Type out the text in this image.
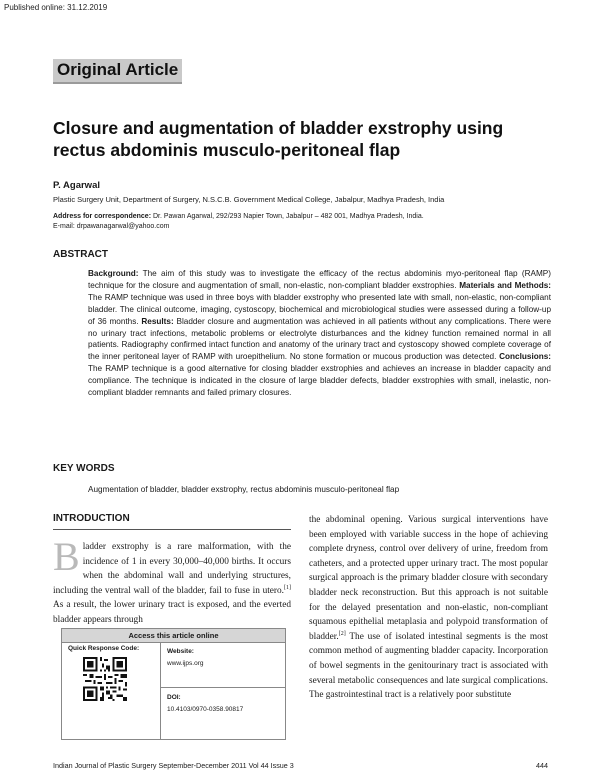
Published online: 31.12.2019
Original Article
Closure and augmentation of bladder exstrophy using rectus abdominis musculo-peritoneal flap
P. Agarwal
Plastic Surgery Unit, Department of Surgery, N.S.C.B. Government Medical College, Jabalpur, Madhya Pradesh, India
Address for correspondence: Dr. Pawan Agarwal, 292/293 Napier Town, Jabalpur – 482 001, Madhya Pradesh, India.
E-mail: drpawanagarwal@yahoo.com
ABSTRACT
Background: The aim of this study was to investigate the efficacy of the rectus abdominis myo-peritoneal flap (RAMP) technique for the closure and augmentation of small, non-elastic, non-compliant bladder exstrophies. Materials and Methods: The RAMP technique was used in three boys with bladder exstrophy who presented late with small, non-elastic, non-compliant bladder. The clinical outcome, imaging, cystoscopy, biochemical and microbiological studies were assessed during a follow-up of 36 months. Results: Bladder closure and augmentation was achieved in all patients without any complications. There were no urinary tract infections, metabolic problems or electrolyte disturbances and the kidney function remained normal in all patients. Radiography confirmed intact function and anatomy of the urinary tract and cystoscopy showed complete coverage of the inner peritoneal layer of RAMP with uroepithelium. No stone formation or mucous production was detected. Conclusions: The RAMP technique is a good alternative for closing bladder exstrophies and achieves an increase in bladder capacity and compliance. The technique is indicated in the closure of large bladder defects, bladder exstrophies with small, inelastic, non-compliant bladder remnants and failed primary closures.
KEY WORDS
Augmentation of bladder, bladder exstrophy, rectus abdominis musculo-peritoneal flap
INTRODUCTION
Bladder exstrophy is a rare malformation, with the incidence of 1 in every 30,000–40,000 births. It occurs when the abdominal wall and underlying structures, including the ventral wall of the bladder, fail to fuse in utero.[1] As a result, the lower urinary tract is exposed, and the everted bladder appears through
the abdominal opening. Various surgical interventions have been employed with variable success in the hope of achieving complete dryness, control over delivery of urine, freedom from catheters, and a protected upper urinary tract. The most popular surgical approach is the primary bladder closure with secondary bladder neck reconstruction. But this approach is not suitable for the delayed presentation and non-elastic, non-compliant squamous epithelial metaplasia and polypoid transformation of bladder.[2] The use of isolated intestinal segments is the most common method of augmenting bladder capacity. Incorporation of bowel segments in the genitourinary tract is associated with several metabolic consequences and late surgical complications. The gastrointestinal tract is a relatively poor substitute
Access this article online
Quick Response Code:	Website:
www.ijps.org
DOI:
10.4103/0970-0358.90817
Indian Journal of Plastic Surgery September-December 2011 Vol 44 Issue 3	444
